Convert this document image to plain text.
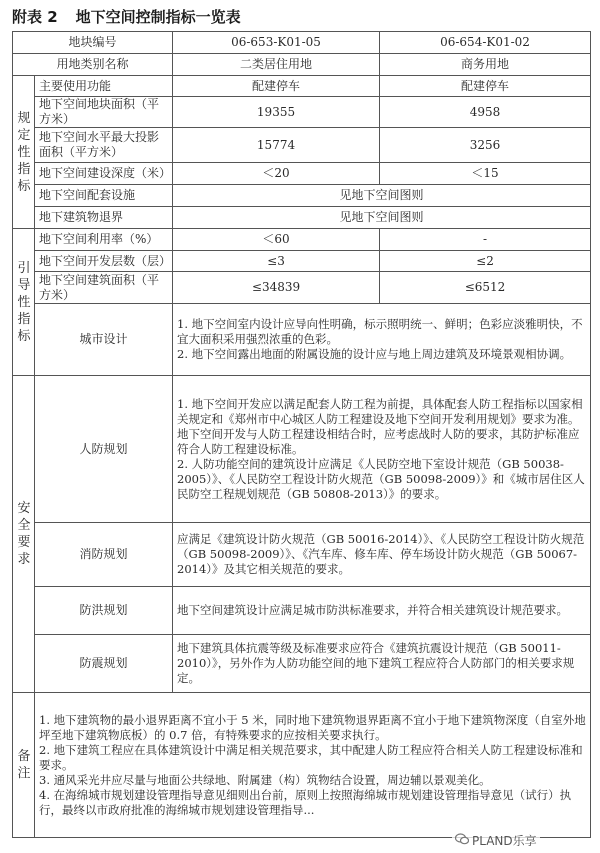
附表 2 地下空间控制指标一览表
地块编号		06-653-K01-05	06-654-K01-02
用地类别名称		二类居住用地	商务用地
规定性指标	主要使用功能	配建停车	配建停车
	地下空间地块面积（平方米）	19355	4958
	地下空间水平最大投影面积（平方米）	15774	3256
	地下空间建设深度（米）	＜20	＜15
	地下空间配套设施	见地下空间图则	
	地下建筑物退界	见地下空间图则	
引导性指标	地下空间利用率（%）	＜60	-
	地下空间开发层数（层）	≤3	≤2
	地下空间建筑面积（平方米）	≤34839	≤6512
	城市设计	1. 地下空间室内设计应导向性明确，标示照明统一、鲜明；色彩应淡雅明快，不宜大面积采用强烈浓重的色彩。
2. 地下空间露出地面的附属设施的设计应与地上周边建筑及环境景观相协调。	

安全要求	人防规划	1. 地下空间开发应以满足配套人防工程为前提，具体配套人防工程指标以国家相关规定和《郑州市中心城区人防工程建设及地下空间开发利用规划》要求为准。地下空间开发与人防工程建设相结合时，应考虑战时人防的要求，其防护标准应符合人防工程建设标准。
2. 人防功能空间的建筑设计应满足《人民防空地下室设计规范（GB 50038-2005）》、《人民防空工程设计防火规范（GB 50098-2009）》和《城市居住区人民防空工程规划规范（GB 50808-2013）》的要求。	

	消防规划	应满足《建筑设计防火规范（GB 50016-2014）》、《人民防空工程设计防火规范（GB 50098-2009）》、《汽车库、修车库、停车场设计防火规范（GB 50067-2014）》及其它相关规范的要求。	
	防洪规划	地下空间建筑设计应满足城市防洪标准要求，并符合相关建筑设计规范要求。	
	防震规划	地下建筑具体抗震等级及标准要求应符合《建筑抗震设计规范（GB 50011-2010）》，另外作为人防功能空间的地下建筑工程应符合人防部门的相关要求规定。	
备注	1. 地下建筑物的最小退界距离不宜小于 5 米，同时地下建筑物退界距离不宜小于地下建筑物深度（自室外地坪至地下建筑物底板）的 0.7 倍，有特殊要求的应按相关要求执行。
2. 地下建筑工程应在具体建筑设计中满足相关规范要求，其中配建人防工程应符合相关人防工程建设标准和要求。
3. 通风采光井应尽量与地面公共绿地、附属建（构）筑物结合设置，周边辅以景观美化。
4. 在海绵城市规划建设管理指导意见细则出台前，原则上按照海绵城市规划建设管理指导意见（试行）执行，最终以市政府批准的海绵城市规划建设管理指导...		
PLAND乐享
